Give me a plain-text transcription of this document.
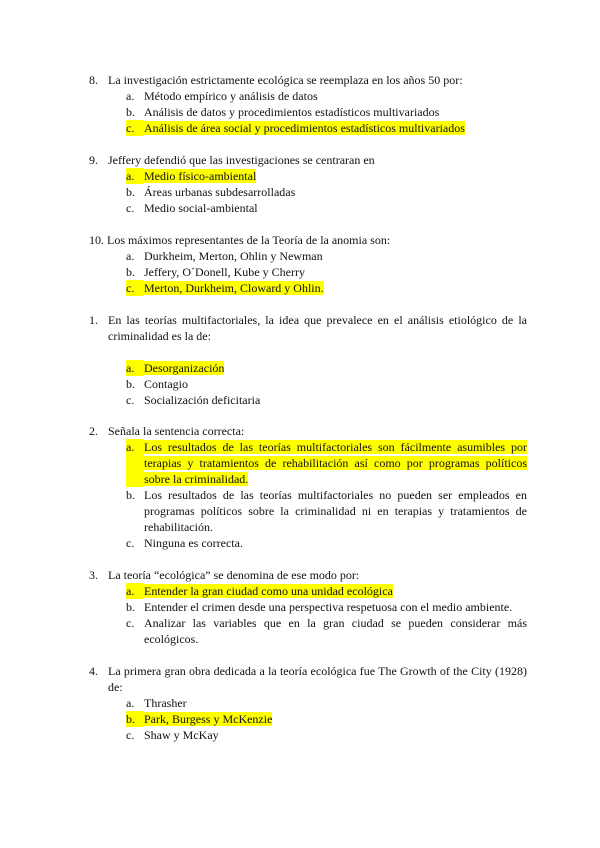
8. La investigación estrictamente ecológica se reemplaza en los años 50 por:
a. Método empírico y análisis de datos
b. Análisis de datos y procedimientos estadísticos multivariados
c. Análisis de área social y procedimientos estadísticos multivariados
9. Jeffery defendió que las investigaciones se centraran en
a. Medio físico-ambiental
b. Áreas urbanas subdesarrolladas
c. Medio social-ambiental
10. Los máximos representantes de la Teoría de la anomia son:
a. Durkheim, Merton, Ohlin y Newman
b. Jeffery, O´Donell, Kube y Cherry
c. Merton, Durkheim, Cloward y Ohlin.
1. En las teorías multifactoriales, la idea que prevalece en el análisis etiológico de la criminalidad es la de:
a. Desorganización
b. Contagio
c. Socialización deficitaria
2. Señala la sentencia correcta:
a. Los resultados de las teorías multifactoriales son fácilmente asumibles por terapias y tratamientos de rehabilitación así como por programas políticos sobre la criminalidad.
b. Los resultados de las teorías multifactoriales no pueden ser empleados en programas políticos sobre la criminalidad ni en terapias y tratamientos de rehabilitación.
c. Ninguna es correcta.
3. La teoría “ecológica” se denomina de ese modo por:
a. Entender la gran ciudad como una unidad ecológica
b. Entender el crimen desde una perspectiva respetuosa con el medio ambiente.
c. Analizar las variables que en la gran ciudad se pueden considerar más ecológicos.
4. La primera gran obra dedicada a la teoría ecológica fue The Growth of the City (1928) de:
a. Thrasher
b. Park, Burgess y McKenzie
c. Shaw y McKay
